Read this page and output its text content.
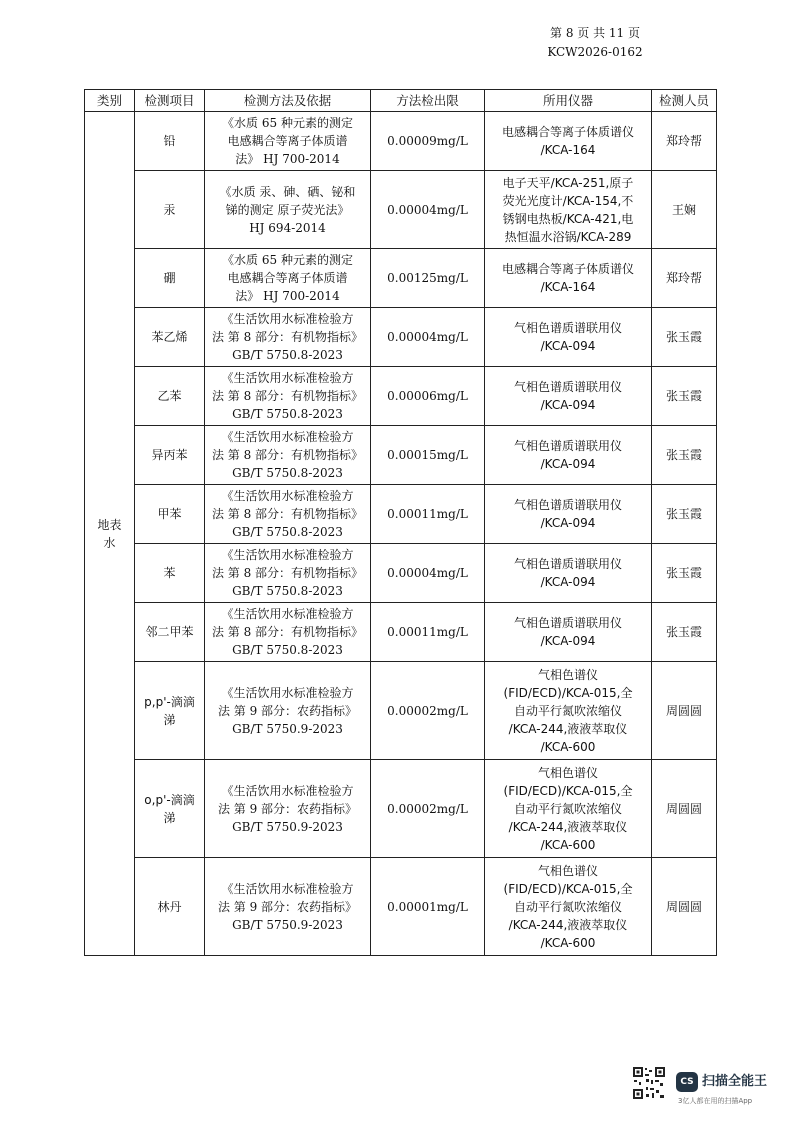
第 8 页 共 11 页
KCW2026-0162
类别	检测项目	检测方法及依据	方法检出限	所用仪器	检测人员

地表
水	铅	《水质 65 种元素的测定
电感耦合等离子体质谱
法》 HJ 700-2014	0.00009mg/L	电感耦合等离子体质谱仪
/KCA-164	郑玲帮

	汞	《水质 汞、砷、硒、铋和
锑的测定 原子荧光法》
HJ 694-2014	0.00004mg/L	电子天平/KCA-251,原子
荧光光度计/KCA-154,不
锈钢电热板/KCA-421,电
热恒温水浴锅/KCA-289	王娴

	硼	《水质 65 种元素的测定
电感耦合等离子体质谱
法》 HJ 700-2014	0.00125mg/L	电感耦合等离子体质谱仪
/KCA-164	郑玲帮

	苯乙烯	《生活饮用水标准检验方
法 第 8 部分：有机物指标》
GB/T 5750.8-2023	0.00004mg/L	气相色谱质谱联用仪
/KCA-094	张玉霞

	乙苯	《生活饮用水标准检验方
法 第 8 部分：有机物指标》
GB/T 5750.8-2023	0.00006mg/L	气相色谱质谱联用仪
/KCA-094	张玉霞

	异丙苯	《生活饮用水标准检验方
法 第 8 部分：有机物指标》
GB/T 5750.8-2023	0.00015mg/L	气相色谱质谱联用仪
/KCA-094	张玉霞

	甲苯	《生活饮用水标准检验方
法 第 8 部分：有机物指标》
GB/T 5750.8-2023	0.00011mg/L	气相色谱质谱联用仪
/KCA-094	张玉霞

	苯	《生活饮用水标准检验方
法 第 8 部分：有机物指标》
GB/T 5750.8-2023	0.00004mg/L	气相色谱质谱联用仪
/KCA-094	张玉霞

	邻二甲苯	《生活饮用水标准检验方
法 第 8 部分：有机物指标》
GB/T 5750.8-2023	0.00011mg/L	气相色谱质谱联用仪
/KCA-094	张玉霞

	p,p'-滴滴
涕	《生活饮用水标准检验方
法 第 9 部分：农药指标》
GB/T 5750.9-2023	0.00002mg/L	气相色谱仪
(FID/ECD)/KCA-015,全
自动平行氮吹浓缩仪
/KCA-244,液液萃取仪
/KCA-600	周圆圆

	o,p'-滴滴
涕	《生活饮用水标准检验方
法 第 9 部分：农药指标》
GB/T 5750.9-2023	0.00002mg/L	气相色谱仪
(FID/ECD)/KCA-015,全
自动平行氮吹浓缩仪
/KCA-244,液液萃取仪
/KCA-600	周圆圆

	林丹	《生活饮用水标准检验方
法 第 9 部分：农药指标》
GB/T 5750.9-2023	0.00001mg/L	气相色谱仪
(FID/ECD)/KCA-015,全
自动平行氮吹浓缩仪
/KCA-244,液液萃取仪
/KCA-600	周圆圆
CS 扫描全能王
3亿人都在用的扫描App
